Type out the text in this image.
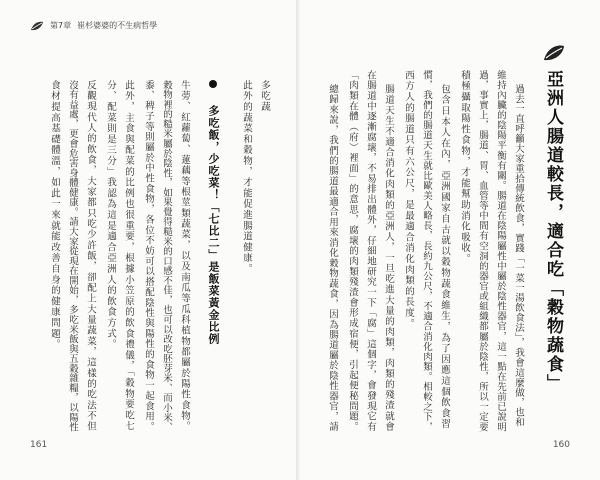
第7章 崔杉婆婆的不生病哲學
多吃蔬
此外的蔬菜和穀物，才能促進腸道健康。
多吃飯，少吃菜！「七比二」是飯菜黃金比例
牛蒡、紅蘿蔔、蓮藕等根莖類蔬菜，以及南瓜等瓜科植物都屬於陽性食物。
穀物裡的糙米屬於陰性，如果覺得糙米的口感不佳，也可以改吃胚芽米、而小米、
黍、稗子等則屬於中性食物，各位不妨可以搭配陰性與陽性的食物一起食用。
此外，主食與配菜的比例也很重要，根據小笠原的飲食禮儀，「穀物要吃七
分、配菜則是三分」我認為這是適合亞洲人的飲食方式。
反觀現代人的飲食，大家都只吃少許飯，卻配上大量蔬菜，這樣的吃法不但
沒有益處，更會危害身體健康。請大家從現在開始，多吃米飯與五穀雜糧，以陽性
食材提高基礎體溫，如此一來就能改善自身的健康問題。
161
亞洲人腸道較長，適合吃「穀物蔬食」
過去一直呼籲大家重拾傳統飲食，實踐「一菜一湯飲食法」，我會這麼做，也和
維持內臟的陰陽平衡有關。腸道在陰陽屬性中屬於陰性器官，這一點在先前已說明
過，事實上，腸道、胃、血管等中間有空洞的器官或組織都屬於陰性，所以一定要
積極攝取陽性食物，才能幫助消化吸收。
包含日本人在內，亞洲國家自古就以穀物蔬食維生，為了因應這個飲食習
慣，我們的腸道天生就比歐美人略長，長約九公尺，不適合消化肉類。相較之下，
西方人的腸道只有六公尺，是最適合消化肉類的長度。
腸道天生不適合消化肉類的亞洲人，一旦吃進大量的肉類，肉類的殘渣就會
在腸道中逐漸腐壞，不易排出體外，仔細地研究一下「腐」這個字，會發現它有
「肉類在體（府）裡面」的意思，腐壞的肉類殘渣會形成宿便，引起便秘問題。
總歸來說，我們的腸道最適合用來消化穀物蔬食，因為腸道屬於陰性器官，請
160
